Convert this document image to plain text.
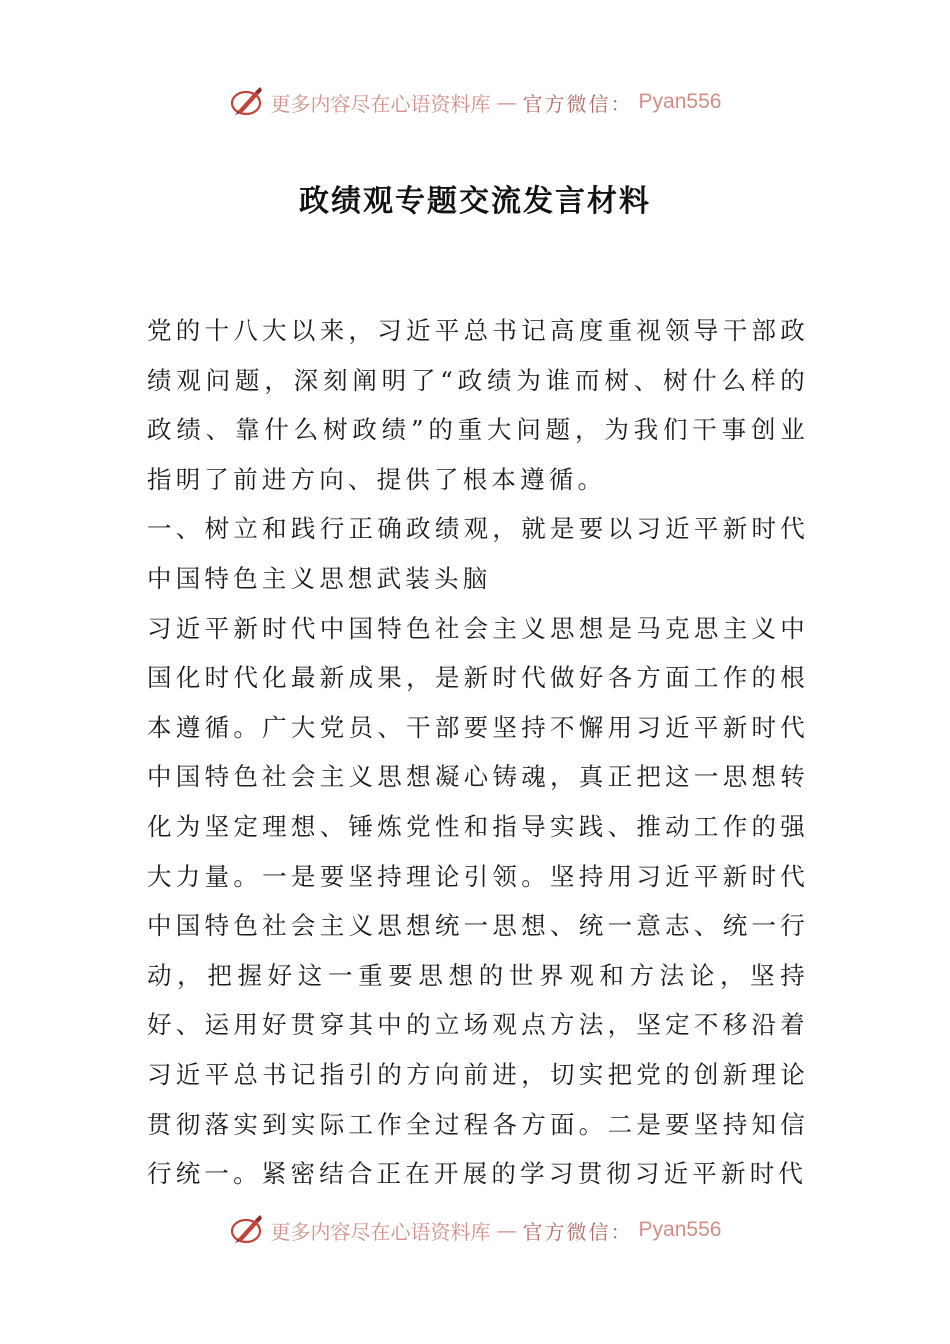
更多内容尽在心语资料库 — 官方微信： Pyan556
政绩观专题交流发言材料

党的十八大以来，习近平总书记高度重视领导干部政绩观问题，深刻阐明了“政绩为谁而树、树什么样的政绩、靠什么树政绩”的重大问题，为我们干事创业指明了前进方向、提供了根本遵循。

一、树立和践行正确政绩观，就是要以习近平新时代中国特色主义思想武装头脑

习近平新时代中国特色社会主义思想是马克思主义中国化时代化最新成果，是新时代做好各方面工作的根本遵循。广大党员、干部要坚持不懈用习近平新时代中国特色社会主义思想凝心铸魂，真正把这一思想转化为坚定理想、锤炼党性和指导实践、推动工作的强大力量。一是要坚持理论引领。坚持用习近平新时代中国特色社会主义思想统一思想、统一意志、统一行动，把握好这一重要思想的世界观和方法论，坚持好、运用好贯穿其中的立场观点方法，坚定不移沿着习近平总书记指引的方向前进，切实把党的创新理论贯彻落实到实际工作全过程各方面。二是要坚持知信行统一。紧密结合正在开展的学习贯彻习近平新时代

更多内容尽在心语资料库 — 官方微信： Pyan556
